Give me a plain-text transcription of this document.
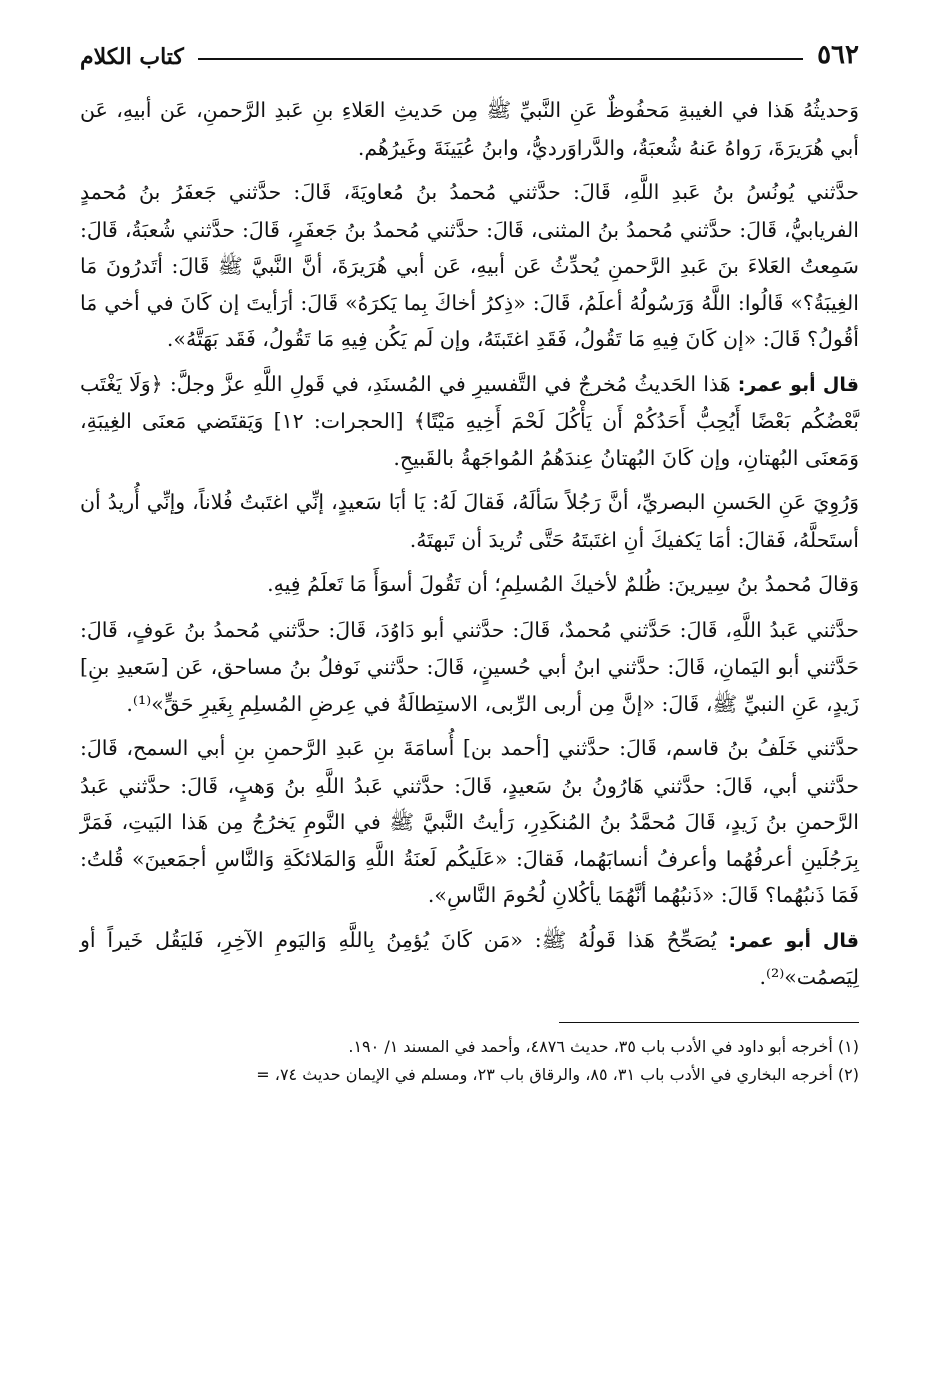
٥٦٢
كتاب الكلام

وَحديثُهُ هَذا في الغيبةِ مَحفُوظٌ عَنِ النَّبيِّ ﷺ مِن حَديثِ العَلاءِ بنِ عَبدِ الرَّحمنِ، عَن أبيهِ، عَن أبي هُرَيرَةَ، رَواهُ عَنهُ شُعبَةُ، والدَّراوَرديُّ، وابنُ عُيَينَةَ وغَيرُهُم.

حدَّثني يُونُسُ بنُ عَبدِ اللَّهِ، قَالَ: حدَّثني مُحمدُ بنُ مُعاويَةَ، قَالَ: حدَّثني جَعفَرُ بنُ مُحمدٍ الفريابيُّ، قَالَ: حدَّثني مُحمدُ بنُ المثنى، قَالَ: حدَّثني مُحمدُ بنُ جَعفَرٍ، قَالَ: حدَّثني شُعبَةُ، قَالَ: سَمِعتُ العَلاءَ بنَ عَبدِ الرَّحمنِ يُحدِّثُ عَن أبيهِ، عَن أبي هُرَيرَةَ، أنَّ النَّبيَّ ﷺ قَالَ: أتَدرُونَ مَا الغِيبَةُ؟» قَالُوا: اللَّهُ وَرَسُولُهُ أعلَمُ، قَالَ: «ذِكرُ أخاكَ بِما يَكرَهُ» قَالَ: أرَأيتَ إن كَانَ في أخي مَا أقُولُ؟ قَالَ: «إن كَانَ فِيهِ مَا تَقُولُ، فَقَدِ اغتَبتَهُ، وإن لَم يَكُن فِيهِ مَا تَقُولُ، فَقَد بَهَتَّهُ».

قال أبو عمر: هَذا الحَديثُ مُخرجٌ في التَّفسيرِ في المُسنَدِ، في قَولِ اللَّهِ عزَّ وجلَّ: ﴿وَلَا يَغْتَب بَّعْضُكُم بَعْضًا أَيُحِبُّ أَحَدُكُمْ أَن يَأْكُلَ لَحْمَ أَخِيهِ مَيْتًا﴾ [الحجرات: ١٢] وَيَقتَضي مَعنَى الغِيبَةِ، وَمَعنَى البُهتانِ، وإن كَانَ البُهتانُ عِندَهُمُ المُواجَهةُ بالقَبيحِ.

وَرُوِيَ عَنِ الحَسنِ البصريِّ، أنَّ رَجُلاً سَألَهُ، فَقالَ لَهُ: يَا أبَا سَعيدٍ، إنِّي اغتَبتُ فُلاناً، وإنِّي أُريدُ أن أستَحلَّهُ، فَقالَ: أمَا يَكفيكَ أنِ اغتَبتَهُ حَتَّى تُريدَ أن تَبهتَهُ.

وَقالَ مُحمدُ بنُ سِيرينَ: ظُلمٌ لأخيكَ المُسلِمِ؛ أن تَقُولَ أسوَأَ مَا تَعلَمُ فِيهِ.

حدَّثني عَبدُ اللَّهِ، قَالَ: حَدَّثني مُحمدٌ، قَالَ: حدَّثني أبو دَاوُدَ، قَالَ: حدَّثني مُحمدُ بنُ عَوفٍ، قَالَ: حَدَّثني أبو اليَمانِ، قَالَ: حدَّثني ابنُ أبي حُسينٍ، قَالَ: حدَّثني نَوفلُ بنُ مساحق، عَن [سَعيدِ بنِ] زَيدٍ، عَنِ النبيِّ ﷺ، قَالَ: «إنَّ مِن أربى الرِّبى، الاستِطالَةُ في عِرضِ المُسلِمِ بِغَيرِ حَقٍّ»⁽¹⁾.

حدَّثني خَلَفُ بنُ قاسم، قَالَ: حدَّثني [أحمد بن] أُسامَةَ بنِ عَبدِ الرَّحمنِ بنِ أبي السمح، قَالَ: حدَّثني أبي، قَالَ: حدَّثني هَارُونُ بنُ سَعيدٍ، قَالَ: حدَّثني عَبدُ اللَّهِ بنُ وَهبٍ، قَالَ: حدَّثني عَبدُ الرَّحمنِ بنُ زَيدٍ، قَالَ مُحمَّدُ بنُ المُنكَدِرِ، رَأيتُ النَّبيَّ ﷺ في النَّومِ يَخرُجُ مِن هَذا البَيتِ، فَمَرَّ بِرَجُلَينِ أعرفُهُما وأعرفُ أنسابَهُما، فَقالَ: «عَلَيكُم لَعنَةُ اللَّهِ وَالمَلائكَةِ وَالنَّاسِ أجمَعينَ» قُلتُ: فَمَا ذَنبُهُما؟ قَالَ: «ذَنبُهُما أنَّهُمَا يأكُلانِ لُحُومَ النَّاسِ».

قال أبو عمر: يُصَحِّحُ هَذا قَولُهُ ﷺ: «مَن كَانَ يُؤمِنُ بِاللَّهِ وَاليَومِ الآخِرِ، فَليَقُل خَيراً أو لِيَصمُت»⁽²⁾.

(١) أخرجه أبو داود في الأدب باب ٣٥، حديث ٤٨٧٦، وأحمد في المسند ١/ ١٩٠.

(٢) أخرجه البخاري في الأدب باب ٣١، ٨٥، والرقاق باب ٢٣، ومسلم في الإيمان حديث ٧٤، =
